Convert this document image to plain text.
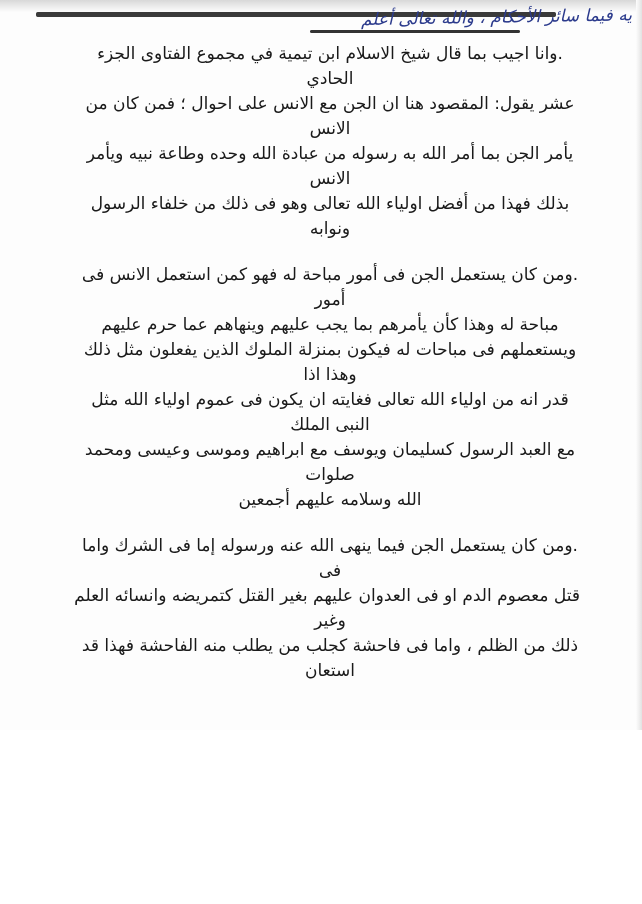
يه فيما سائر الأحكام ، والله تعالى أعلم

.وانا اجيب بما قال شيخ الاسلام ابن تيمية في مجموع الفتاوى الجزء
الحادي
عشر يقول: المقصود هنا ان الجن مع الانس على احوال ؛ فمن كان من
الانس
يأمر الجن بما أمر الله به رسوله من عبادة الله وحده وطاعة نبيه ويأمر
الانس
بذلك فهذا من أفضل اولياء الله تعالى وهو فى ذلك من خلفاء الرسول
ونوابه

.ومن كان يستعمل الجن فى أمور مباحة له فهو كمن استعمل الانس فى
أمور
مباحة له وهذا كأن يأمرهم بما يجب عليهم وينهاهم عما حرم عليهم
ويستعملهم فى مباحات له فيكون بمنزلة الملوك الذين يفعلون مثل ذلك
وهذا اذا
قدر انه من اولياء الله تعالى فغايته ان يكون فى عموم اولياء الله مثل
النبى الملك
مع العبد الرسول كسليمان ويوسف مع ابراهيم وموسى وعيسى ومحمد
صلوات
الله وسلامه عليهم أجمعين

.ومن كان يستعمل الجن فيما ينهى الله عنه ورسوله إما فى الشرك واما
فى
قتل معصوم الدم او فى العدوان عليهم بغير القتل كتمريضه وانسائه العلم
وغير
ذلك من الظلم ، واما فى فاحشة كجلب من يطلب منه الفاحشة فهذا قد
استعان
